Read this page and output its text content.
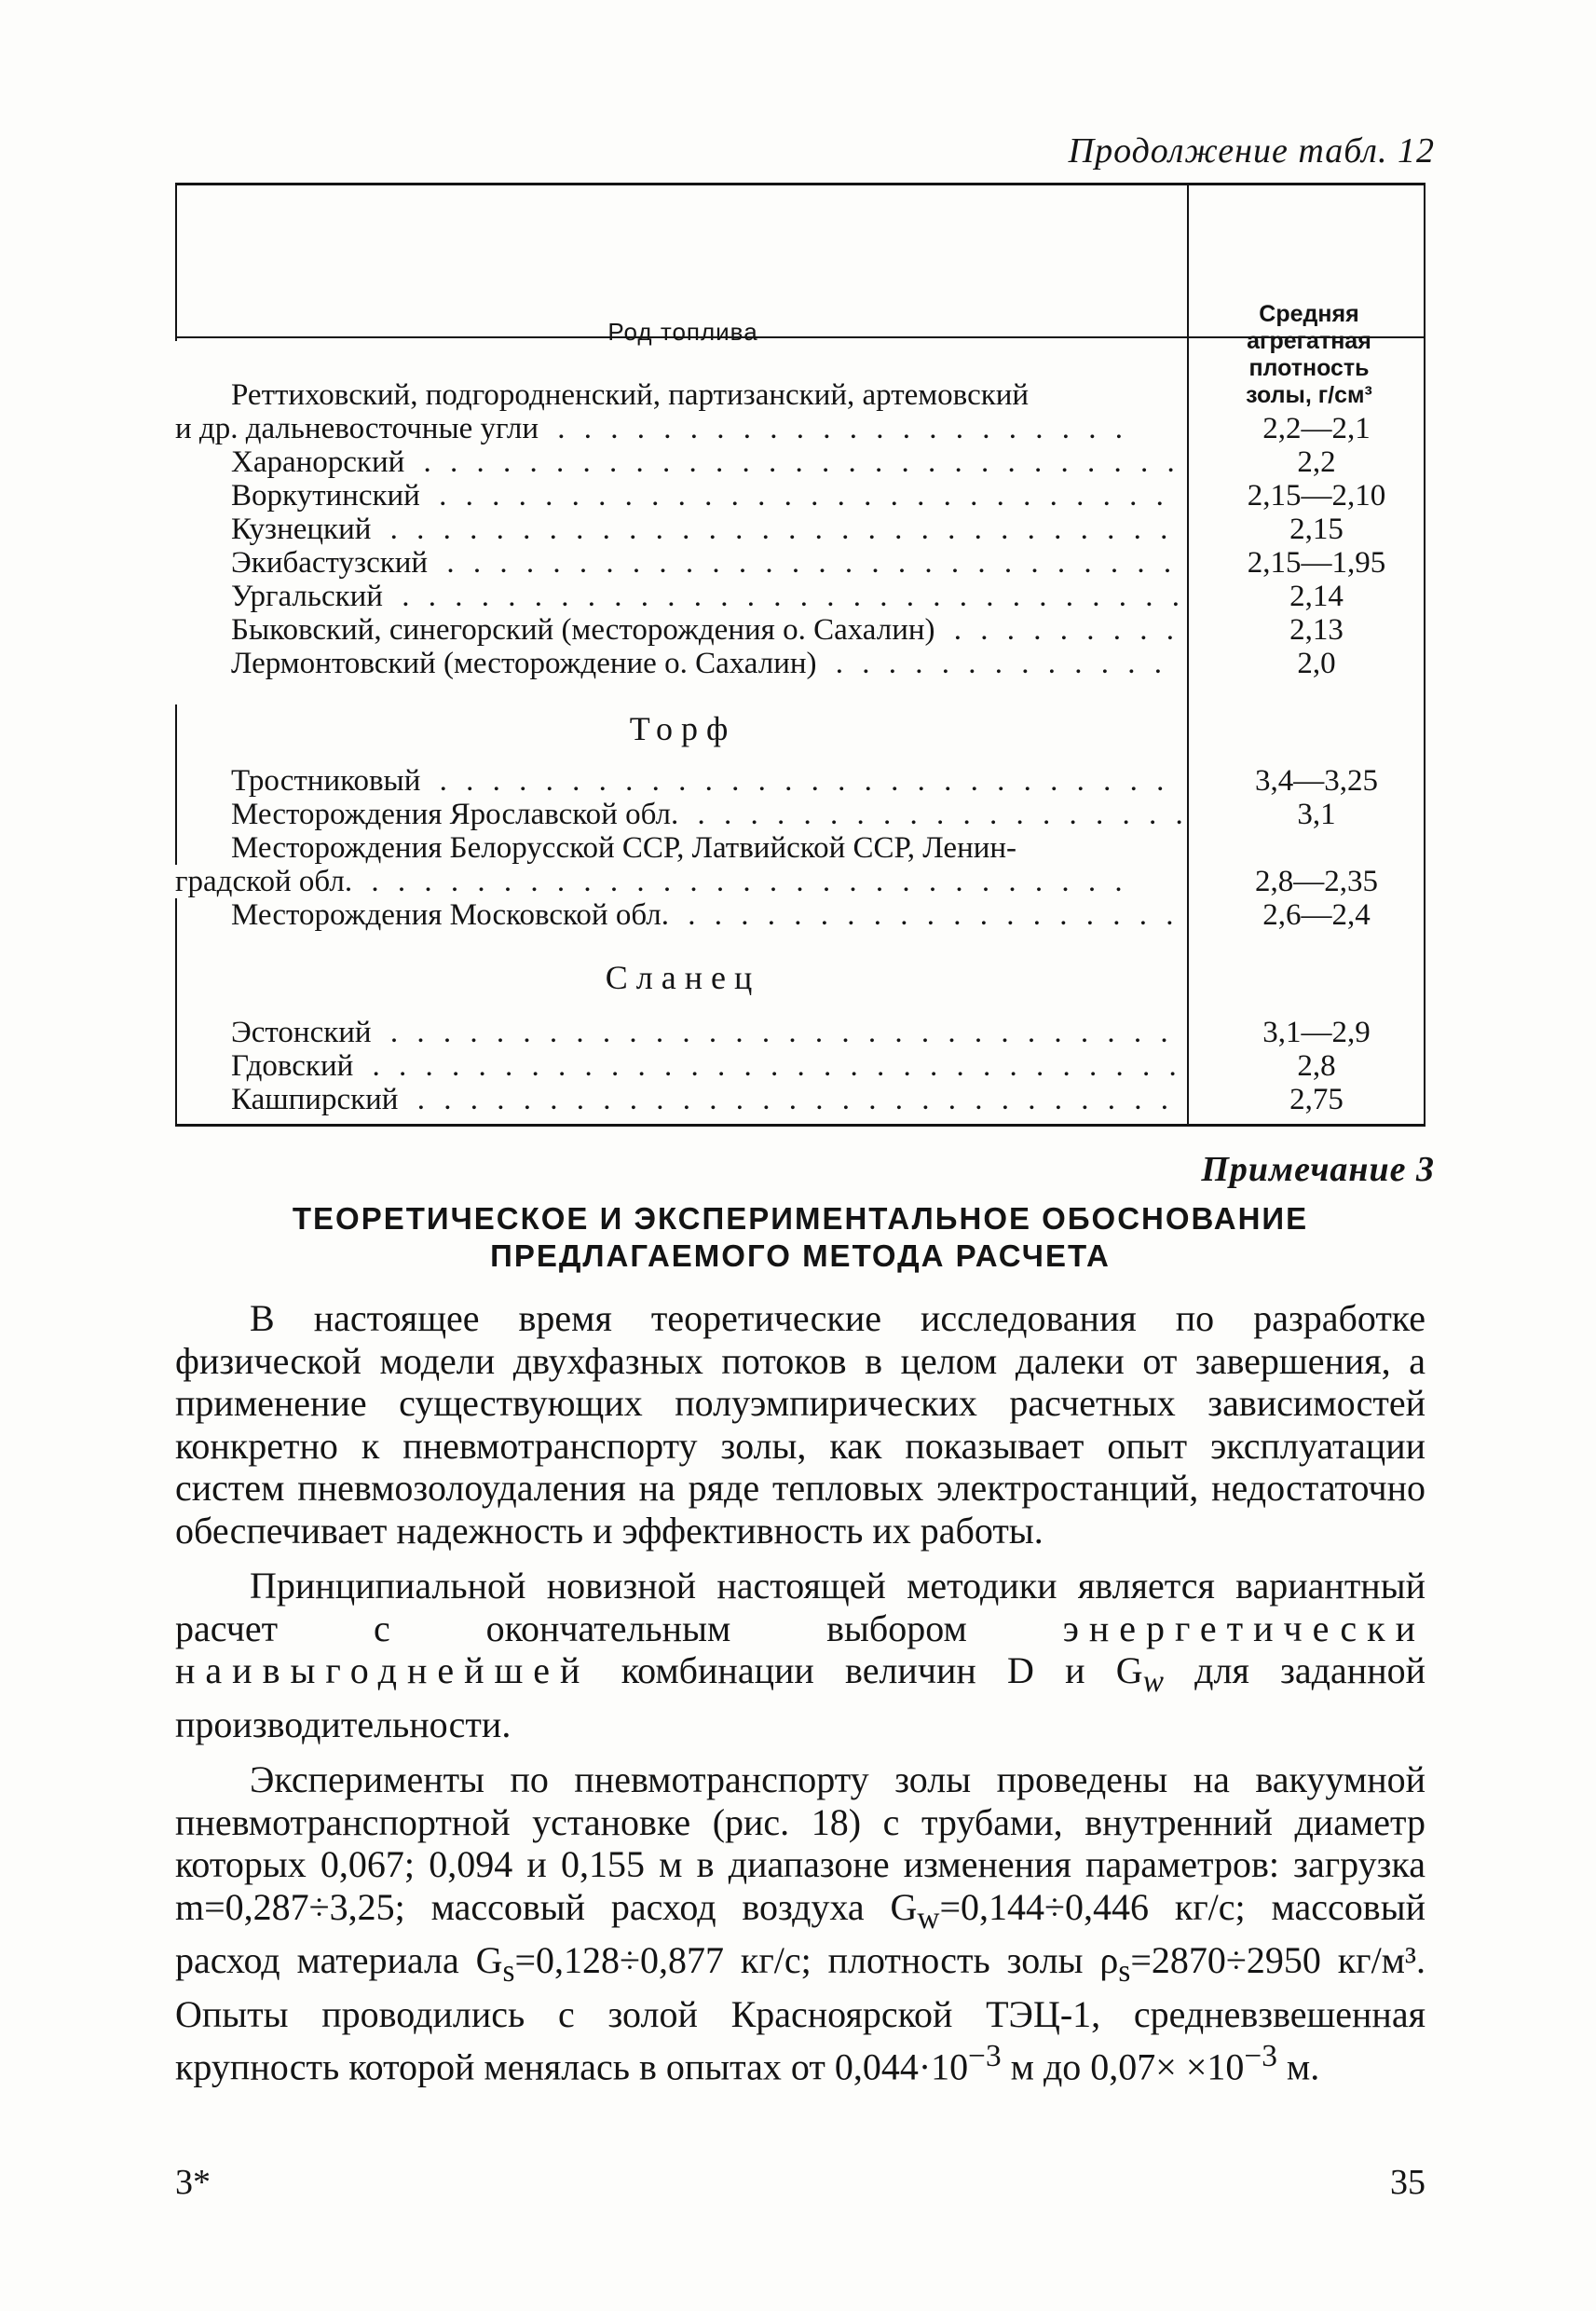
Продолжение табл. 12
Род топлива
Средняя
агрегатная
плотность
золы, г/см³
Реттиховский, подгородненский, партизанский, артемовский
и др. дальневосточные угли . . .	2,2—2,1
Харанорский . . .	2,2
Воркутинский . . .	2,15—2,10
Кузнецкий . . .	2,15
Экибастузский . . .	2,15—1,95
Ургальский . . .	2,14
Быковский, синегорский (месторождения о. Сахалин) . . .	2,13
Лермонтовский (месторождение о. Сахалин) . . .	2,0
Торф
Тростниковый . . .	3,4—3,25
Месторождения Ярославской обл. . . .	3,1
Месторождения Белорусской ССР, Латвийской ССР, Ленин-
градской обл. . . .	2,8—2,35
Месторождения Московской обл. . . .	2,6—2,4
Сланец
Эстонский . . .	3,1—2,9
Гдовский . . .	2,8
Кашпирский . . .	2,75
Примечание 3
ТЕОРЕТИЧЕСКОЕ И ЭКСПЕРИМЕНТАЛЬНОЕ ОБОСНОВАНИЕ
ПРЕДЛАГАЕМОГО МЕТОДА РАСЧЕТА

В настоящее время теоретические исследования по разработке физической модели двухфазных потоков в целом далеки от завершения, а применение существующих полуэмпирических расчетных зависимостей конкретно к пневмотранспорту золы, как показывает опыт эксплуатации систем пневмозолоудаления на ряде тепловых электростанций, недостаточно обеспечивает надежность и эффективность их работы.

Принципиальной новизной настоящей методики является вариантный расчет с окончательным выбором	энергетически наивыгоднейшей комбинации величин D и $G_w$ для заданной производительности.

Эксперименты по пневмотранспорту золы проведены на вакуумной пневмотранспортной установке (рис. 18) с трубами, внутренний диаметр которых 0,067; 0,094 и 0,155 м в диапазоне изменения параметров: загрузка m=0,287÷3,25; массовый расход воздуха $G_w=0,144\div 0,446$ кг/с; массовый расход материала $G_s=0,128\div 0,877$ кг/с; плотность золы $\rho_s=2870\div 2950$ кг/м³. Опыты проводились с золой Красноярской ТЭЦ-1, средневзвешенная крупность которой менялась в опытах от $0,044\cdot 10^{-3}$ м до $0,07\times \times 10^{-3}$ м.

3*	35
